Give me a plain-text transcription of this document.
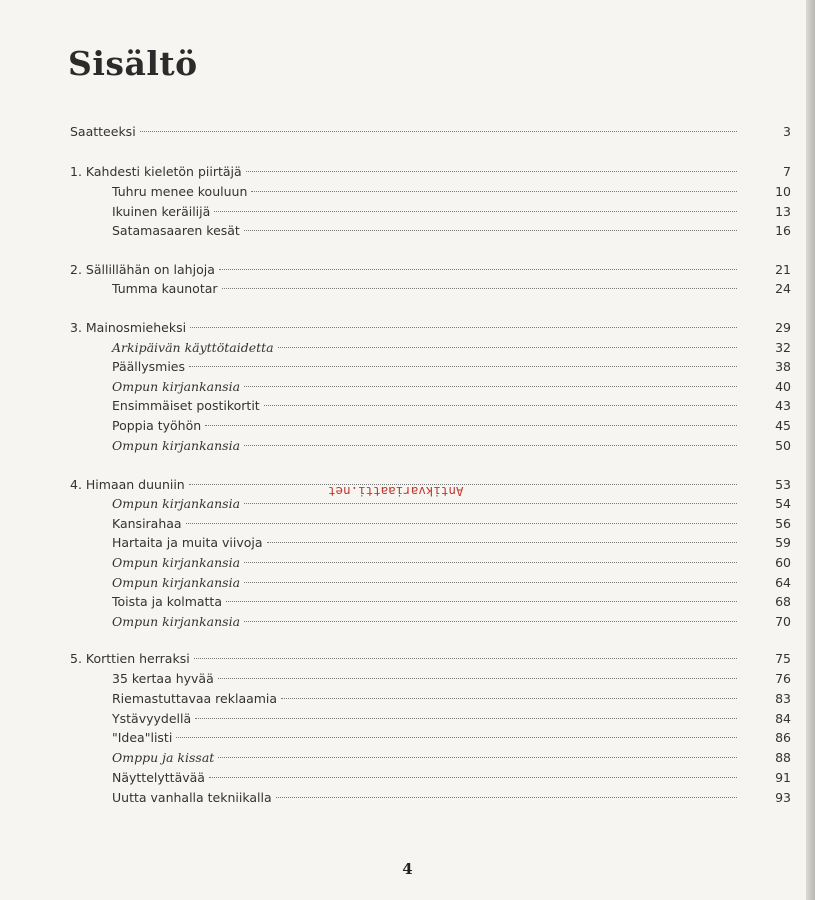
Sisältö
Saatteeksi	3
1. Kahdesti kieletön piirtäjä	7
Tuhru menee kouluun	10
Ikuinen keräilijä	13
Satamasaaren kesät	16
2. Sällillähän on lahjoja	21
Tumma kaunotar	24
3. Mainosmieheksi	29
Arkipäivän käyttötaidetta	32
Päällysmies	38
Ompun kirjankansia	40
Ensimmäiset postikortit	43
Poppia työhön	45
Ompun kirjankansia	50
4. Himaan duuniin	53
Ompun kirjankansia	54
Kansirahaa	56
Hartaita ja muita viivoja	59
Ompun kirjankansia	60
Ompun kirjankansia	64
Toista ja kolmatta	68
Ompun kirjankansia	70
5. Korttien herraksi	75
35 kertaa hyvää	76
Riemastuttavaa reklaamia	83
Ystävyydellä	84
"Idea"listi	86
Omppu ja kissat	88
Näyttelyttävää	91
Uutta vanhalla tekniikalla	93
Antikvariaatti.net
4
